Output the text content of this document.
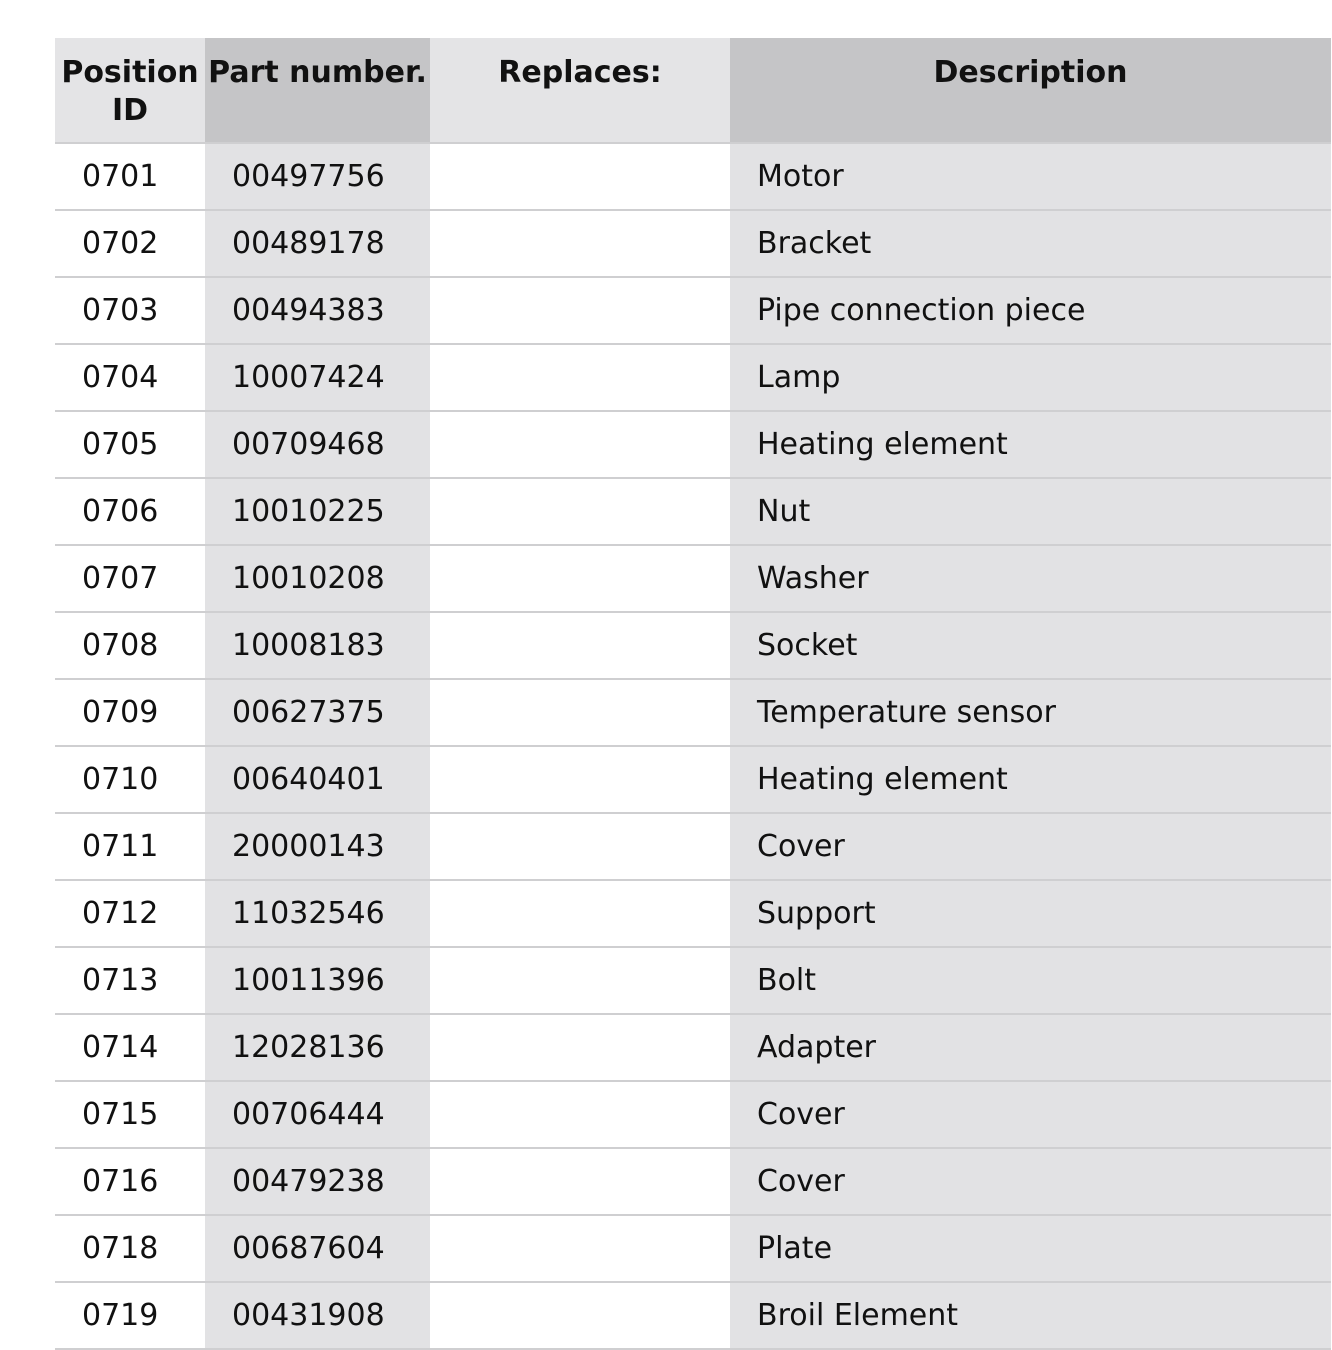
Position ID	Part number.	Replaces:	Description
0701	00497756		Motor
0702	00489178		Bracket
0703	00494383		Pipe connection piece
0704	10007424		Lamp
0705	00709468		Heating element
0706	10010225		Nut
0707	10010208		Washer
0708	10008183		Socket
0709	00627375		Temperature sensor
0710	00640401		Heating element
0711	20000143		Cover
0712	11032546		Support
0713	10011396		Bolt
0714	12028136		Adapter
0715	00706444		Cover
0716	00479238		Cover
0718	00687604		Plate
0719	00431908		Broil Element
